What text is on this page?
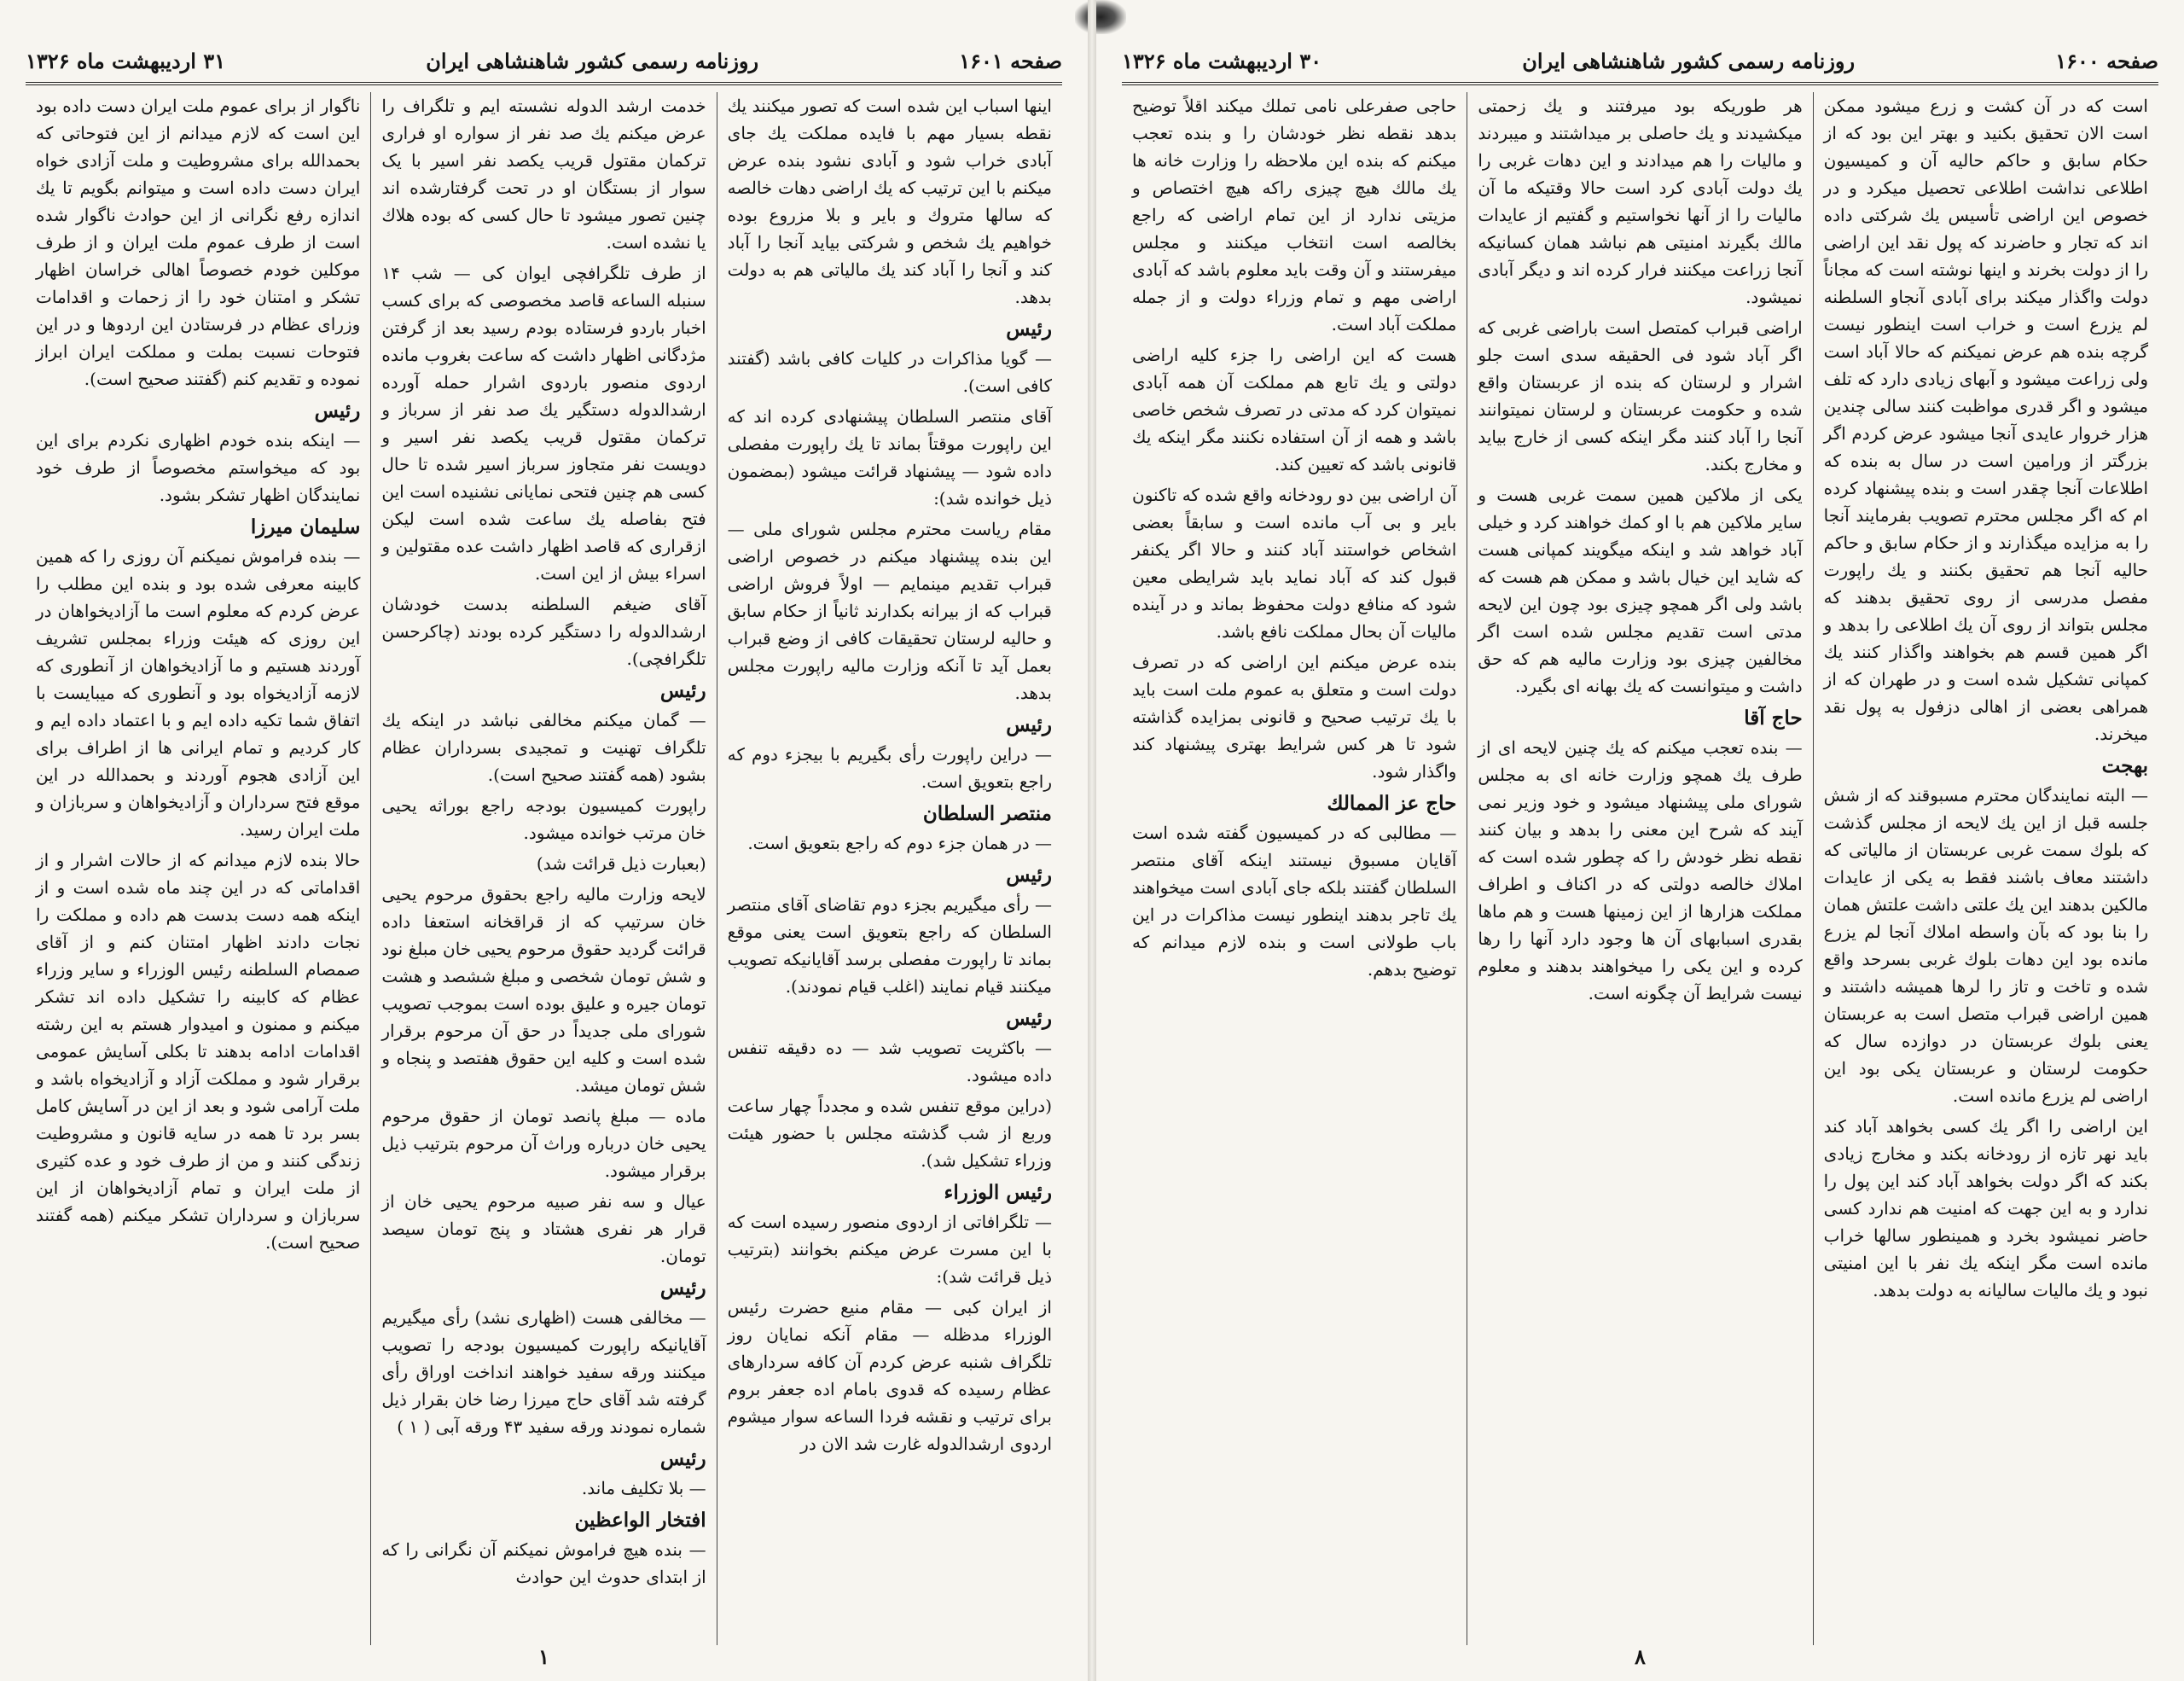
صفحه ۱۶۰۱
روزنامه رسمی کشور شاهنشاهی ایران
۳۱ اردیبهشت ماه ۱۳۲۶

اینها اسباب این شده است که تصور میکنند یك نقطه بسیار مهم با فایده مملکت یك جای آبادی خراب شود و آبادی نشود بنده عرض میکنم با این ترتیب که یك اراضی دهات خالصه که سالها متروك و بایر و بلا مزروع بوده خواهیم یك شخص و شرکتی بیاید آنجا را آباد کند و آنجا را آباد کند یك مالیاتی هم به دولت بدهد.

رئیس

— گویا مذاکرات در کلیات کافی باشد (گفتند کافی است).

آقای منتصر السلطان پیشنهادی کرده اند که این راپورت موقتاً بماند تا یك راپورت مفصلی داده شود — پیشنهاد قرائت میشود (بمضمون ذیل خوانده شد):

مقام ریاست محترم مجلس شورای ملی — این بنده پیشنهاد میکنم در خصوص اراضی قبراب تقدیم مینمایم — اولاً فروش اراضی قبراب که از بیرانه بکدارند ثانیاً از حکام سابق و حالیه لرستان تحقیقات کافی از وضع قبراب بعمل آید تا آنکه وزارت مالیه راپورت مجلس بدهد.

رئیس

— دراین راپورت رأی بگیریم با بیجزء دوم که راجع بتعویق است.

منتصر السلطان

— در همان جزء دوم که راجع بتعویق است.

رئیس

— رأی میگیریم بجزء دوم تقاضای آقای منتصر السلطان که راجع بتعویق است یعنی موقع بماند تا راپورت مفصلی برسد آقایانیکه تصویب میکنند قیام نمایند (اغلب قیام نمودند).

رئیس

— باکثریت تصویب شد — ده دقیقه تنفس داده میشود.

(دراین موقع تنفس شده و مجدداً چهار ساعت وربع از شب گذشته مجلس با حضور هیئت وزراء تشکیل شد).

رئیس الوزراء

— تلگرافاتی از اردوی منصور رسیده است که با این مسرت عرض میکنم بخوانند (بترتیب ذیل قرائت شد):

از ایران کبی — مقام منیع حضرت رئیس الوزراء مدظله — مقام آنکه نمایان روز تلگراف شنبه عرض کردم آن کافه سردارهای عظام رسیده که قدوی بامام اده جعفر بروم برای ترتیب و نقشه فردا الساعه سوار میشوم اردوی ارشدالدوله غارت شد الان در

خدمت ارشد الدوله نشسته ایم و تلگراف را عرض میکنم یك صد نفر از سواره او فراری ترکمان مقتول قریب یکصد نفر اسیر با یک سوار از بستگان او در تحت گرفتارشده اند چنین تصور میشود تا حال کسی که بوده هلاك یا نشده است.

از طرف تلگرافچی ایوان کی — شب ۱۴ سنبله الساعه قاصد مخصوصی که برای کسب اخبار باردو فرستاده بودم رسید بعد از گرفتن مژدگانی اظهار داشت که ساعت بغروب مانده اردوی منصور باردوی اشرار حمله آورده ارشدالدوله دستگیر یك صد نفر از سرباز و ترکمان مقتول قریب یکصد نفر اسیر و دویست نفر متجاوز سرباز اسیر شده تا حال کسی هم چنین فتحی نمایانی نشنیده است این فتح بفاصله یك ساعت شده است لیکن ازقراری که قاصد اظهار داشت عده مقتولین و اسراء بیش از این است.

آقای ضیغم السلطنه بدست خودشان ارشدالدوله را دستگیر کرده بودند (چاکرحسن تلگرافچی).

رئیس

— گمان میکنم مخالفی نباشد در اینکه یك تلگراف تهنیت و تمجیدی بسرداران عظام بشود (همه گفتند صحیح است).

راپورت کمیسیون بودجه راجع بوراثه یحیی خان مرتب خوانده میشود.

(بعبارت ذیل قرائت شد)

لایحه وزارت مالیه راجع بحقوق مرحوم یحیی خان سرتیپ که از قراقخانه استعفا داده قرائت گردید حقوق مرحوم یحیی خان مبلغ نود و شش تومان شخصی و مبلغ ششصد و هشت تومان جیره و علیق بوده است بموجب تصویب شورای ملی جدیداً در حق آن مرحوم برقرار شده است و کلیه این حقوق هفتصد و پنجاه و شش تومان میشد.

ماده — مبلغ پانصد تومان از حقوق مرحوم یحیی خان درباره وراث آن مرحوم بترتیب ذیل برقرار میشود.

عیال و سه نفر صبیه مرحوم یحیی خان از قرار هر نفری هشتاد و پنج تومان سیصد تومان.

رئیس

— مخالفی هست (اظهاری نشد) رأی میگیریم آقایانیکه راپورت کمیسیون بودجه را تصویب میکنند ورقه سفید خواهند انداخت اوراق رأی گرفته شد آقای حاج میرزا رضا خان بقرار ذیل شماره نمودند ورقه سفید ۴۳ ورقه آبی ( ۱ )

رئیس

— بلا تکلیف ماند.

افتخار الواعظین

— بنده هیچ فراموش نمیکنم آن نگرانی را که از ابتدای حدوث این حوادث

ناگوار از برای عموم ملت ایران دست داده بود این است که لازم میدانم از این فتوحاتی که بحمدالله برای مشروطیت و ملت آزادی خواه ایران دست داده است و میتوانم بگویم تا یك اندازه رفع نگرانی از این حوادث ناگوار شده است از طرف عموم ملت ایران و از طرف موکلین خودم خصوصاً اهالی خراسان اظهار تشکر و امتنان خود را از زحمات و اقدامات وزرای عظام در فرستادن این اردوها و در این فتوحات نسبت بملت و مملکت ایران ابراز نموده و تقدیم کنم (گفتند صحیح است).

رئیس

— اینکه بنده خودم اظهاری نکردم برای این بود که میخواستم مخصوصاً از طرف خود نمایندگان اظهار تشکر بشود.

سلیمان میرزا

— بنده فراموش نمیکنم آن روزی را که همین کابینه معرفی شده بود و بنده این مطلب را عرض کردم که معلوم است ما آزادیخواهان در این روزی که هیئت وزراء بمجلس تشریف آوردند هستیم و ما آزادیخواهان از آنطوری که لازمه آزادیخواه بود و آنطوری که میبایست با اتفاق شما تکیه داده ایم و با اعتماد داده ایم و کار کردیم و تمام ایرانی ها از اطراف برای این آزادی هجوم آوردند و بحمدالله در این موقع فتح سرداران و آزادیخواهان و سربازان و ملت ایران رسید.

حالا بنده لازم میدانم که از حالات اشرار و از اقداماتی که در این چند ماه شده است و از اینکه همه دست بدست هم داده و مملکت را نجات دادند اظهار امتنان کنم و از آقای صمصام السلطنه رئیس الوزراء و سایر وزراء عظام که کابینه را تشکیل داده اند تشکر میکنم و ممنون و امیدوار هستم به این رشته اقدامات ادامه بدهند تا بکلی آسایش عمومی برقرار شود و مملکت آزاد و آزادیخواه باشد و ملت آرامی شود و بعد از این در آسایش کامل بسر برد تا همه در سایه قانون و مشروطیت زندگی کنند و من از طرف خود و عده کثیری از ملت ایران و تمام آزادیخواهان از این سربازان و سرداران تشکر میکنم (همه گفتند صحیح است).

۱
صفحه ۱۶۰۰
روزنامه رسمی کشور شاهنشاهی ایران
۳۰ اردیبهشت ماه ۱۳۲۶

است که در آن کشت و زرع میشود ممکن است الان تحقیق بکنید و بهتر این بود که از حکام سابق و حاکم حالیه آن و کمیسیون اطلاعی نداشت اطلاعی تحصیل میکرد و در خصوص این اراضی تأسیس یك شرکتی داده اند که تجار و حاضرند که پول نقد این اراضی را از دولت بخرند و اینها نوشته است که مجاناً دولت واگذار میکند برای آبادی آنجاو السلطنه لم یزرع است و خراب است اینطور نیست گرچه بنده هم عرض نمیکنم که حالا آباد است ولی زراعت میشود و آبهای زیادی دارد که تلف میشود و اگر قدری مواظبت کنند سالی چندین هزار خروار عایدی آنجا میشود عرض کردم اگر بزرگتر از ورامین است در سال به بنده که اطلاعات آنجا چقدر است و بنده پیشنهاد کرده ام که اگر مجلس محترم تصویب بفرمایند آنجا را به مزایده میگذارند و از حکام سابق و حاکم حالیه آنجا هم تحقیق بکنند و یك راپورت مفصل مدرسی از روی تحقیق بدهند که مجلس بتواند از روی آن یك اطلاعی را بدهد و اگر همین قسم هم بخواهند واگذار کنند یك کمپانی تشکیل شده است و در طهران که از همراهی بعضی از اهالی دزفول به پول نقد میخرند.

بهجت

— البته نمایندگان محترم مسبوقند که از شش جلسه قبل از این یك لایحه از مجلس گذشت که بلوك سمت غربی عربستان از مالیاتی که داشتند معاف باشند فقط به یکی از عایدات مالکین بدهند این یك علتی داشت علتش همان را بنا بود که بآن واسطه املاك آنجا لم یزرع مانده بود این دهات بلوك غربی بسرحد واقع شده و تاخت و تاز را لرها همیشه داشتند و همین اراضی قبراب متصل است به عربستان یعنی بلوك عربستان در دوازده سال که حکومت لرستان و عربستان یکی بود این اراضی لم یزرع مانده است.

این اراضی را اگر یك کسی بخواهد آباد کند باید نهر تازه از رودخانه بکند و مخارج زیادی بکند که اگر دولت بخواهد آباد کند این پول را ندارد و به این جهت که امنیت هم ندارد کسی حاضر نمیشود بخرد و همینطور سالها خراب مانده است مگر اینکه یك نفر با این امنیتی نبود و یك مالیات سالیانه به دولت بدهد.

هر طوریکه بود میرفتند و یك زحمتی میکشیدند و یك حاصلی بر میداشتند و میبردند و مالیات را هم میدادند و این دهات غربی را یك دولت آبادی کرد است حالا وقتیکه ما آن مالیات را از آنها نخواستیم و گفتیم از عایدات مالك بگیرند امنیتی هم نباشد همان کسانیکه آنجا زراعت میکنند فرار کرده اند و دیگر آبادی نمیشود.

اراضی قبراب کمتصل است باراضی غربی که اگر آباد شود فی الحقیقه سدی است جلو اشرار و لرستان که بنده از عربستان واقع شده و حکومت عربستان و لرستان نمیتوانند آنجا را آباد کنند مگر اینکه کسی از خارج بیاید و مخارج بکند.

یکی از ملاکین همین سمت غربی هست و سایر ملاکین هم با او کمك خواهند کرد و خیلی آباد خواهد شد و اینکه میگویند کمپانی هست که شاید این خیال باشد و ممکن هم هست که باشد ولی اگر همچو چیزی بود چون این لایحه مدتی است تقدیم مجلس شده است اگر مخالفین چیزی بود وزارت مالیه هم که حق داشت و میتوانست که یك بهانه ای بگیرد.

حاج آقا

— بنده تعجب میکنم که یك چنین لایحه ای از طرف یك همچو وزارت خانه ای به مجلس شورای ملی پیشنهاد میشود و خود وزیر نمی آیند که شرح این معنی را بدهد و بیان کنند نقطه نظر خودش را که چطور شده است که املاك خالصه دولتی که در اکناف و اطراف مملکت هزارها از این زمینها هست و هم ماها بقدری اسبابهای آن ها وجود دارد آنها را رها کرده و این یکی را میخواهند بدهند و معلوم نیست شرایط آن چگونه است.

حاجی صفرعلی نامی تملك میکند اقلاً توضیح بدهد نقطه نظر خودشان را و بنده تعجب میکنم که بنده این ملاحظه را وزارت خانه ها یك مالك هیچ چیزی راکه هیچ اختصاص و مزیتی ندارد از این تمام اراضی که راجع بخالصه است انتخاب میکنند و مجلس میفرستند و آن وقت باید معلوم باشد که آبادی اراضی مهم و تمام وزراء دولت و از جمله مملکت آباد است.

هست که این اراضی را جزء کلیه اراضی دولتی و یك تابع هم مملکت آن همه آبادی نمیتوان کرد که مدتی در تصرف شخص خاصی باشد و همه از آن استفاده نکنند مگر اینکه یك قانونی باشد که تعیین کند.

آن اراضی بین دو رودخانه واقع شده که تاکنون بایر و بی آب مانده است و سابقاً بعضی اشخاص خواستند آباد کنند و حالا اگر یکنفر قبول کند که آباد نماید باید شرایطی معین شود که منافع دولت محفوظ بماند و در آینده مالیات آن بحال مملکت نافع باشد.

بنده عرض میکنم این اراضی که در تصرف دولت است و متعلق به عموم ملت است باید با یك ترتیب صحیح و قانونی بمزایده گذاشته شود تا هر کس شرایط بهتری پیشنهاد کند واگذار شود.

حاج عز الممالك

— مطالبی که در کمیسیون گفته شده است آقایان مسبوق نیستند اینکه آقای منتصر السلطان گفتند بلکه جای آبادی است میخواهند یك تاجر بدهند اینطور نیست مذاکرات در این باب طولانی است و بنده لازم میدانم که توضیح بدهم.

۸
